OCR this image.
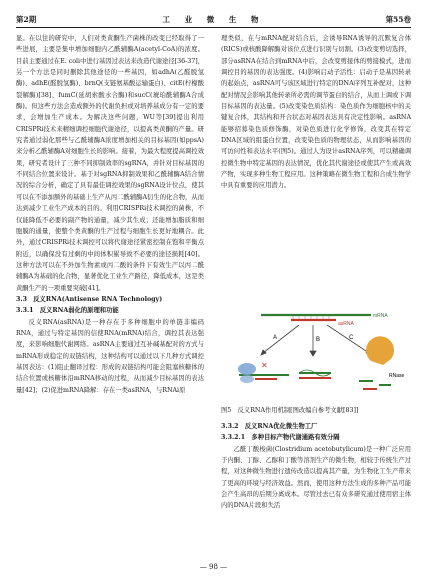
第2期	工 业 微 生 物	第55卷

显。在以往的研究中，人们对类黄酮生产菌株的改变已经取得了一些进展，主要是集中增加细胞内乙酰辅酶A(acetyl-CoA)的浓度。目前主要通过在E. coli中进行基因过表达来改造代谢途径[36-37]，另一个方法是同时删除其他途径的一些基因，如adhA(乙醛脱氢酶)、adhE(醛脱氢酶)、brnQ(支链氨基酸运输蛋白)、citE(柠檬酸裂解酶)[38]、fumC(延胡索酸水合酶)和sucC(琥珀酰辅酶A合成酶)。但这些方法会造成额外的代谢负担或对培养基成分有一定的要求，会增加生产成本。为解决这些问题，WU等[39]提出利用CRISPRi技术来精细调控细胞代谢途径，以提高类黄酮的产量。研究者通过弱化那些与乙酰辅酶A浓度增加相关的目标基因(如ppsA)来分析乙酰辅酶A对细胞生长的影响。接着，为最大程度提高调控效果，研究者设计了三种不同抑制效率的sgRNA，并针对目标基因的不同结合位置来设计。基于对sgRNA抑制效果和乙酰辅酶A结合情况的综合分析，确定了具有最佳调控效果的sgRNA设计位点，使其可以在不添加额外的基础上生产从丙二酰辅酶A衍生的化合物，从而达到减少工业生产成本的目的。利用CRISPRi技术调控的菌株，不仅能降低不必要的副产物的通量，减少其生成；还能增加脂质和细胞膜的通量，使整个类黄酮的生产过程与细胞生长更好地耦合。此外，通过CRISPRi技术调控可以将代谢途径紧密控制在饱和平衡点附近，以确保没有过剩的中间体积累导致不必要的途径损耗[40]。这种方法可以在不外加生物素或丙二酸的条件下有效生产以丙二酰辅酶A为基础的化合物，显著优化工业生产路径，降低成本，这是类黄酮生产的一项重要突破[41]。

3.3　反义RNA(Antisense RNA Technology)

3.3.1　反义RNA弱化的原理和功能

反义RNA(asRNA)是一种存在于多种细胞中的单链非编码RNA，通过与特定基因的信使RNA(mRNA)结合，调控其表达强度，来影响细胞代谢网络。asRNA主要通过互补碱基配对的方式与mRNA形成稳定的双链结构，这种结构可以通过以下几种方式调控基因表达：(1)阻止翻译过程：形成的双链结构可能会阻塞核糖体的结合位置或核糖体沿mRNA移动的过程，从而减少目标基因的表达量[42]；(2)促进mRNA降解：存在一类asRNA，与RNAi原

理类似，在与mRNA配对结合后，会诱导RNA诱导的沉默复合体(RICS)或核酸降解酶对该位点进行识别与切割。(3)改变剪切选择，部分asRNA在结合到mRNA中后，会改变剪接体的剪接模式，进而调控目的基因的表达强度。(4)影响启动子活性：启动子是基因转录的起始点，asRNA可与该区域进行特定的DNA序列互补配对，这种配对情况会影响其他转录所必需的调节蛋白的结合，从而上调或下调目标基因的表达量。(5)改变染色质结构：染色质作为细胞核中的关键复合体，其结构和开合状态对基因表达具有决定性影响。asRNA能够招募染色质修饰酶，对染色质进行化学修饰，改变其在特定DNA区域的组蛋白位置，改变染色质的物理状态，从而影响基因的可访问性和表达水平(图5)。通过人为设计asRNA序列，可以精确调控微生物中特定基因的表达情况，优化其代谢途径或使其产生或高效产物，实现多种生物工程应用。这种策略在微生物工程和合成生物学中具有重要的应用潜力。

mRNA
asRNA
A	B	C
✕
RNase
图5　反义RNA作用机制[图改编自参考文献[83]]

3.3.2　反义RNA优化微生物工厂

3.3.2.1　多种目标产物代谢通路有效分隔

乙酰丁酸梭菌(Clostridium acetobutylicum)是一种广泛应用于内酮、丁醇、乙醇和丁酸等溶剂生产的微生物，相较于传统生产过程，对这种微生物进行遗传改造以提高其产量，为生物化工生产带来了更高的环境与经济效益。然而，使用这种方法生成的多种产品可能会产生高昂的后期分离成本。尽管过去已有众多研究通过使用宿主体内的DNA片段和失活

— 98 —
